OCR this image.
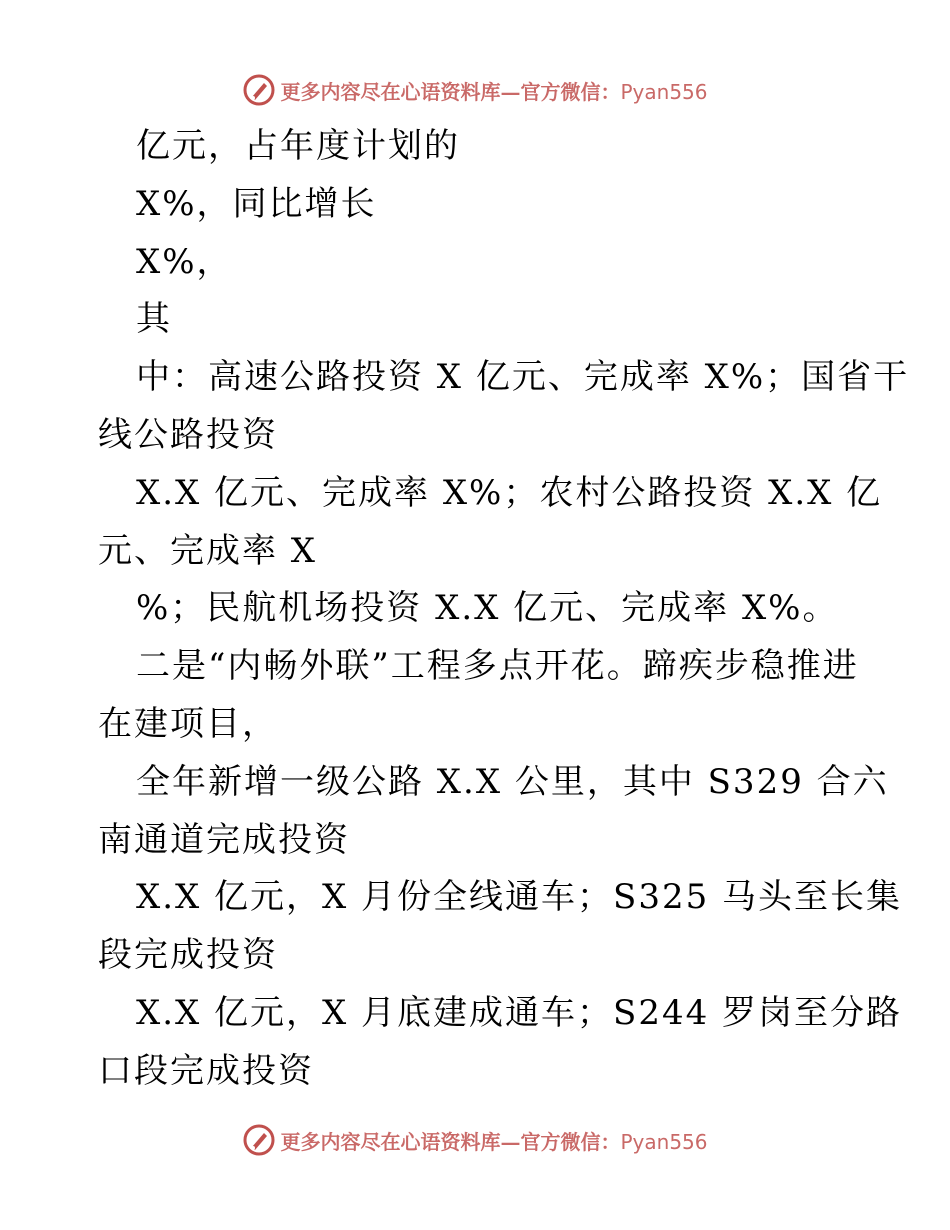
更多内容尽在心语资料库—官方微信：Pyan556
亿元，占年度计划的
X%，同比增长
X%，
其
中：高速公路投资 X 亿元、完成率 X%；国省干
线公路投资
X.X 亿元、完成率 X%；农村公路投资 X.X 亿
元、完成率 X
%；民航机场投资 X.X 亿元、完成率 X%。
二是“内畅外联”工程多点开花。蹄疾步稳推进
在建项目，
全年新增一级公路 X.X 公里，其中 S329 合六
南通道完成投资
X.X 亿元，X 月份全线通车；S325 马头至长集
段完成投资
X.X 亿元，X 月底建成通车；S244 罗岗至分路
口段完成投资
更多内容尽在心语资料库—官方微信：Pyan556
